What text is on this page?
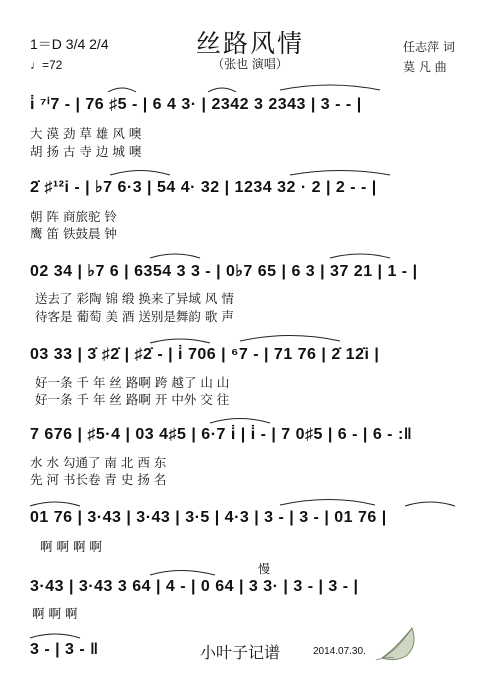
丝路风情
（张也 演唱）
1＝D 3/4 2/4
♩=72
任志萍 词
莫 凡 曲
i̇ ⁷ⁱ7 - | 76 ♯5 - | 6 4 3· | 2342 3 2343 | 3 - - |
大 漠 劲 草 雄 风 噢
胡 扬 古 寺 边 城 噢
2̇ ♯¹²i - | ♭7 6·3 | 54 4· 32 | 1234 32 · 2 | 2 - - |
朝 阵 商旅驼 铃
鹰 笛 铁鼓晨 钟
02 34 | ♭7 6 | 6354 3 3 - | 0♭7 65 | 6 3 | 37 21 | 1 - |
送去了 彩陶 锦 缎 换来了异域 风 情
待客是 葡萄 美 酒 送别是舞韵 歌 声
03 33 | 3̇ ♯2̇ | ♯2̇ - | i̇ 706 | ⁶7 - | 71 76 | 2̇ 12̇i |
好一条 千 年 丝 路啊 跨 越了 山 山
好一条 千 年 丝 路啊 开 中外 交 往
7 676 | ♯5·4 | 03 4♯5 | 6·7 i̇ | i̇ - | 7 0♯5 | 6 - | 6 - :‖
水 水 勾通了 南 北 西 东
先 河 书长卷 青 史 扬 名
01 76 | 3·43 | 3·43 | 3·5 | 4·3 | 3 - | 3 - | 01 76 |
啊 啊 啊 啊
慢
3·43 | 3·43 3 64 | 4 - | 0 64 | 3 3· | 3 - | 3 - |
啊 啊 啊
3 - | 3 - ‖	小叶子记谱	2014.07.30.
